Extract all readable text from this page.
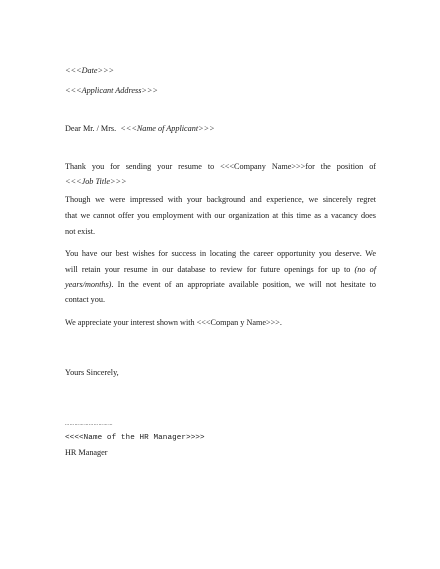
<<<Date>>>
<<<Applicant Address>>>
Dear Mr. / Mrs. <<<Name of Applicant>>>
Thank you for sending your resume to <<<Company Name>>>for the position of
<<<Job Title>>>
Though we were impressed with your background and experience, we sincerely regret
that we cannot offer you employment with our organization at this time as a vacancy does
not exist.
You have our best wishes for success in locating the career opportunity you deserve. We
will retain your resume in our database to review for future openings for up to (no of
years/months). In the event of an appropriate available position, we will not hesitate to
contact you.
We appreciate your interest shown with <<<Compan y Name>>>.
Yours Sincerely,
…………………………
<<<<Name of the HR Manager>>>>
HR Manager
